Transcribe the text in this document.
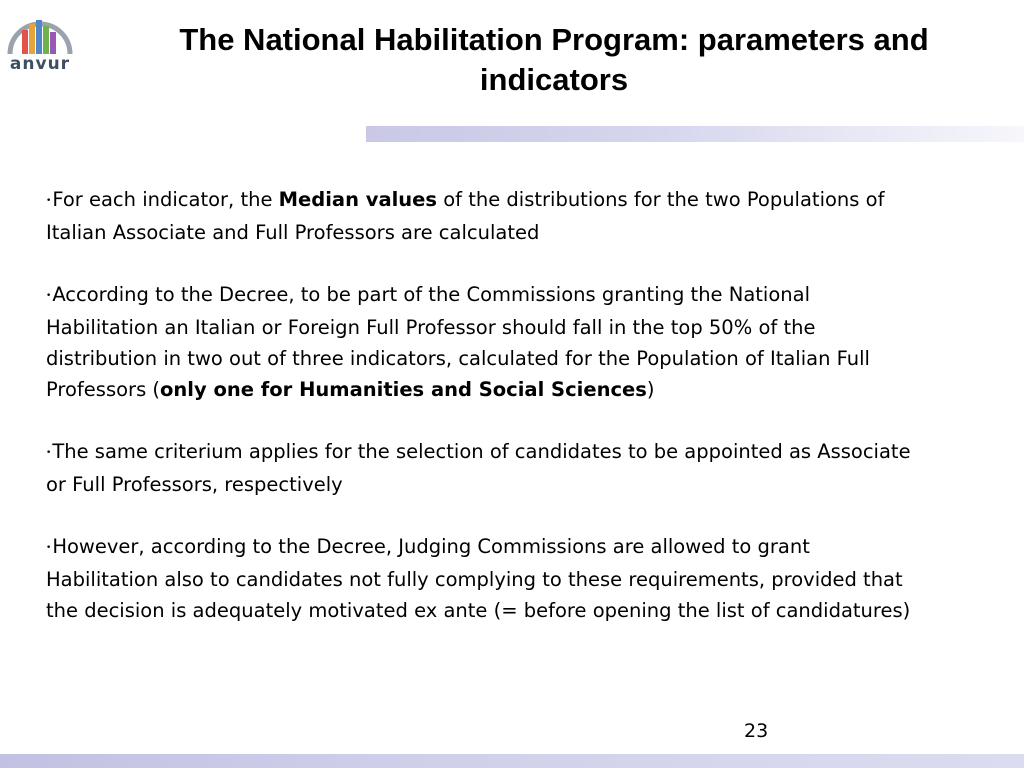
anvur
The National Habilitation Program: parameters and indicators

•For each indicator, the Median values of the distributions for the two Populations of Italian Associate and Full Professors are calculated

•According to the Decree, to be part of the Commissions granting the National Habilitation an Italian or Foreign Full Professor should fall in the top 50% of the distribution in two out of three indicators, calculated for the Population of Italian Full Professors (only one for Humanities and Social Sciences)

•The same criterium applies for the selection of candidates to be appointed as Associate or Full Professors, respectively

•However, according to the Decree, Judging Commissions are allowed to grant Habilitation also to candidates not fully complying to these requirements, provided that the decision is adequately motivated ex ante (= before opening the list of candidatures)

23
